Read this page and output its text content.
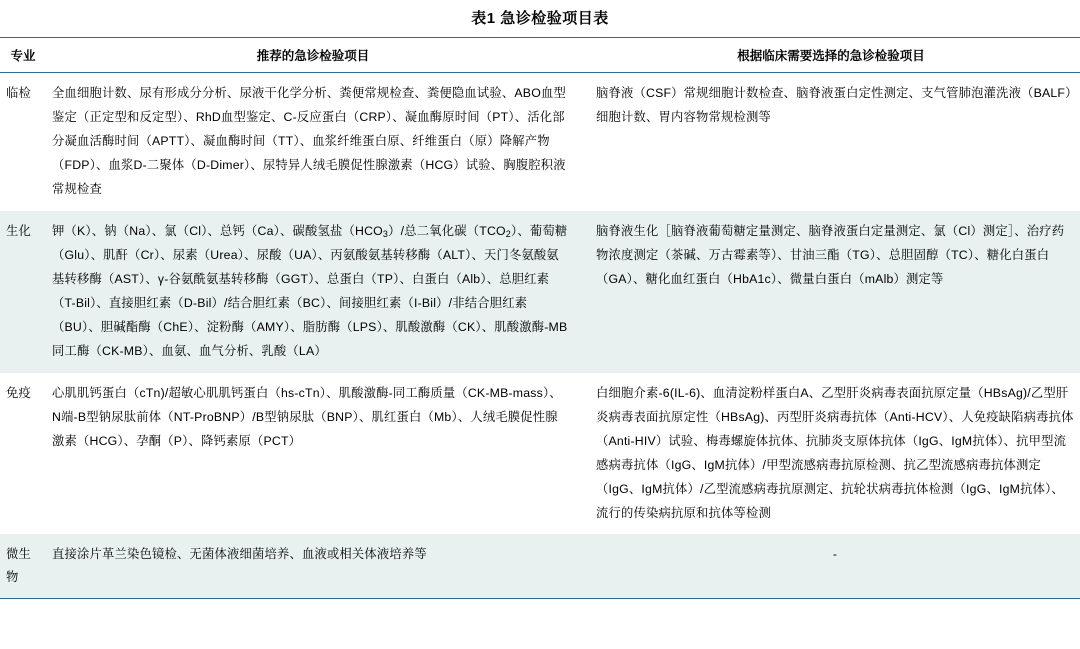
表1 急诊检验项目表
专业	推荐的急诊检验项目	根据临床需要选择的急诊检验项目
临检	全血细胞计数、尿有形成分分析、尿液干化学分析、粪便常规检查、粪便隐血试验、ABO血型鉴定（正定型和反定型）、RhD血型鉴定、C-反应蛋白（CRP）、凝血酶原时间（PT）、活化部分凝血活酶时间（APTT）、凝血酶时间（TT）、血浆纤维蛋白原、纤维蛋白（原）降解产物（FDP）、血浆D-二聚体（D-Dimer）、尿特异人绒毛膜促性腺激素（HCG）试验、胸腹腔积液常规检查	脑脊液（CSF）常规细胞计数检查、脑脊液蛋白定性测定、支气管肺泡灌洗液（BALF）细胞计数、胃内容物常规检测等
生化	钾（K）、钠（Na）、氯（Cl）、总钙（Ca）、碳酸氢盐$(HCO_3)/$总二氧化碳$(TCO_2)$、葡萄糖（Glu）、肌酐（Cr）、尿素（Urea）、尿酸（UA）、丙氨酸氨基转移酶（ALT）、天门冬氨酸氨基转移酶（AST）、γ-谷氨酰氨基转移酶（GGT）、总蛋白（TP）、白蛋白（Alb）、总胆红素（T-Bil）、直接胆红素（D-Bil）/结合胆红素（BC）、间接胆红素（I-Bil）/非结合胆红素（BU）、胆碱酯酶（ChE）、淀粉酶（AMY）、脂肪酶（LPS）、肌酸激酶（CK）、肌酸激酶-MB同工酶（CK-MB）、血氨、血气分析、乳酸（LA）	脑脊液生化［脑脊液葡萄糖定量测定、脑脊液蛋白定量测定、氯（Cl）测定］、治疗药物浓度测定（茶碱、万古霉素等）、甘油三酯（TG）、总胆固醇（TC）、糖化白蛋白（GA）、糖化血红蛋白（HbA1c）、微量白蛋白（mAlb）测定等
免疫	心肌肌钙蛋白（cTn)/超敏心肌肌钙蛋白（hs-cTn）、肌酸激酶-同工酶质量（CK-MB-mass）、N端-B型钠尿肽前体（NT-ProBNP）/B型钠尿肽（BNP）、肌红蛋白（Mb）、人绒毛膜促性腺激素（HCG）、孕酮（P）、降钙素原（PCT）	白细胞介素-6(IL-6)、血清淀粉样蛋白A、乙型肝炎病毒表面抗原定量（HBsAg)/乙型肝炎病毒表面抗原定性（HBsAg)、丙型肝炎病毒抗体（Anti-HCV）、人免疫缺陷病毒抗体（Anti-HIV）试验、梅毒螺旋体抗体、抗肺炎支原体抗体（IgG、IgM抗体）、抗甲型流感病毒抗体（IgG、IgM抗体）/甲型流感病毒抗原检测、抗乙型流感病毒抗体测定（IgG、IgM抗体）/乙型流感病毒抗原测定、抗轮状病毒抗体检测（IgG、IgM抗体）、流行的传染病抗原和抗体等检测
微生物	直接涂片革兰染色镜检、无菌体液细菌培养、血液或相关体液培养等	-
